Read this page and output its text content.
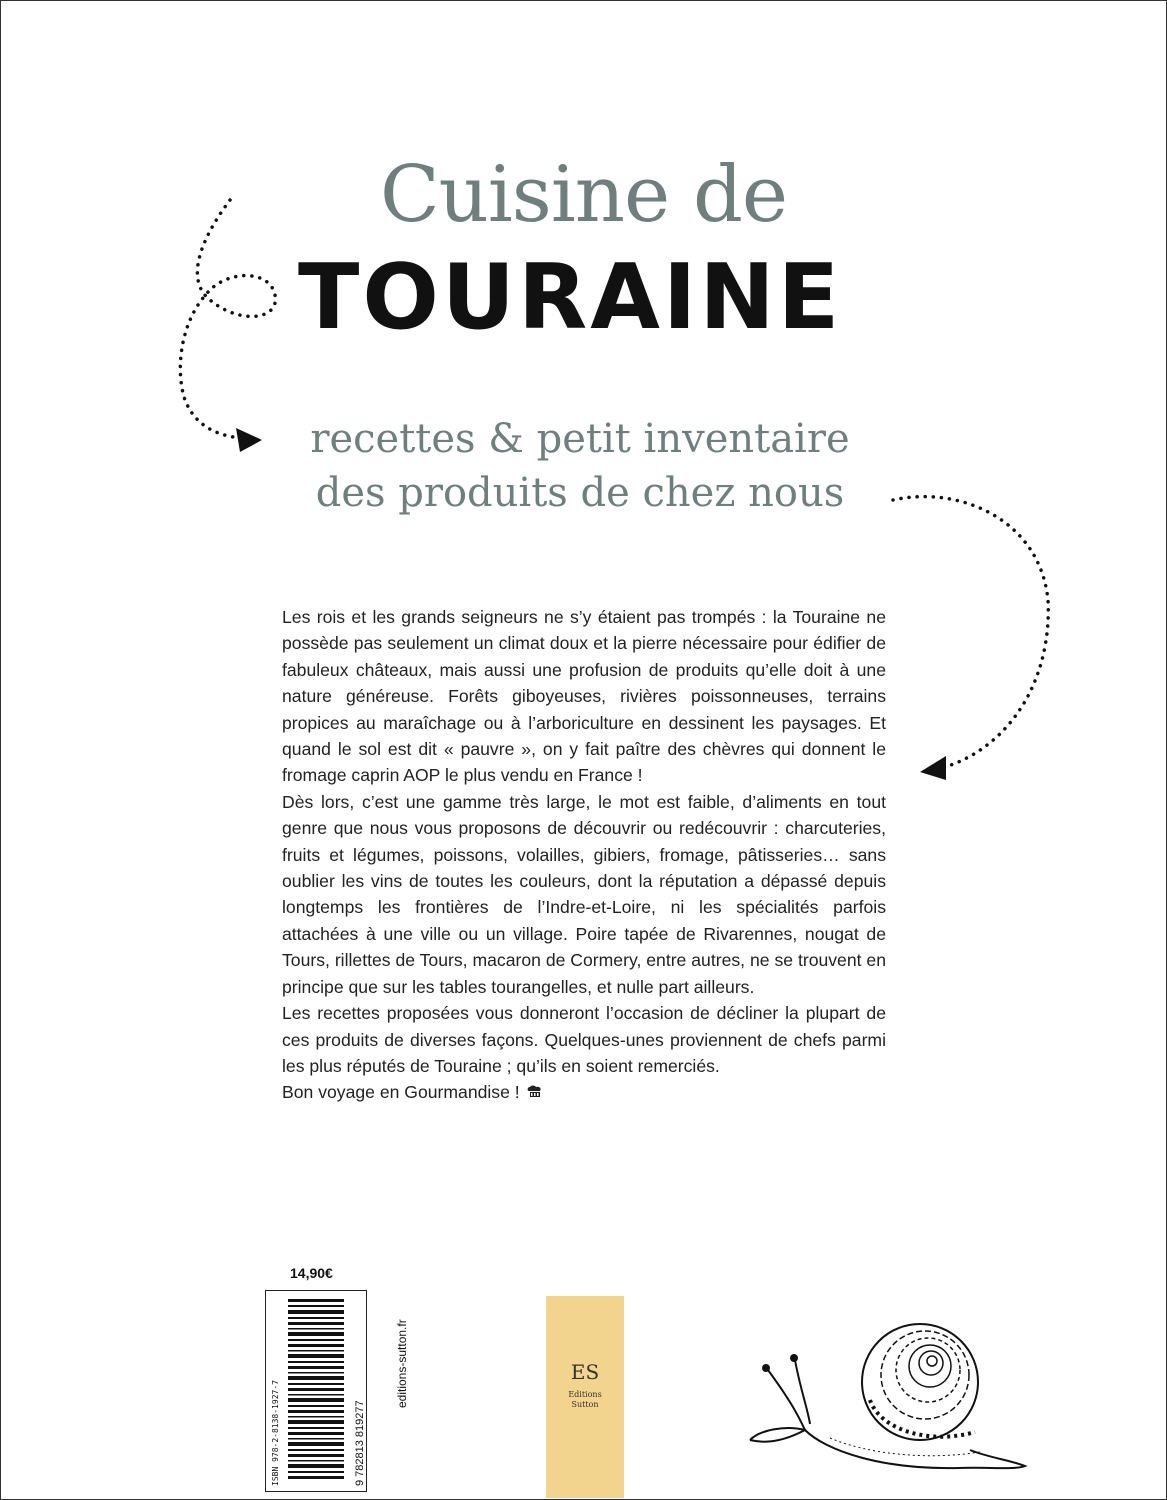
Cuisine de
TOURAINE
recettes & petit inventaire
des produits de chez nous

Les rois et les grands seigneurs ne s’y étaient pas trompés : la Touraine ne possède pas seulement un climat doux et la pierre nécessaire pour édifier de fabuleux châteaux, mais aussi une profusion de produits qu’elle doit à une nature généreuse. Forêts giboyeuses, rivières poissonneuses, terrains propices au maraîchage ou à l’arboriculture en dessinent les paysages. Et quand le sol est dit « pauvre », on y fait paître des chèvres qui donnent le fromage caprin AOP le plus vendu en France !

Dès lors, c’est une gamme très large, le mot est faible, d’aliments en tout genre que nous vous proposons de découvrir ou redécouvrir : charcuteries, fruits et légumes, poissons, volailles, gibiers, fromage, pâtisseries… sans oublier les vins de toutes les couleurs, dont la réputation a dépassé depuis longtemps les frontières de l’Indre-et-Loire, ni les spécialités parfois attachées à une ville ou un village. Poire tapée de Rivarennes, nougat de Tours, rillettes de Tours, macaron de Cormery, entre autres, ne se trouvent en principe que sur les tables tourangelles, et nulle part ailleurs.

Les recettes proposées vous donneront l’occasion de décliner la plupart de ces produits de diverses façons. Quelques-unes proviennent de chefs parmi les plus réputés de Touraine ; qu’ils en soient remerciés.

Bon voyage en Gourmandise !

14,90€
ISBN 978-2-8138-1927-7	9 782813 819277
editions-sutton.fr	ES
Editions
Sutton
